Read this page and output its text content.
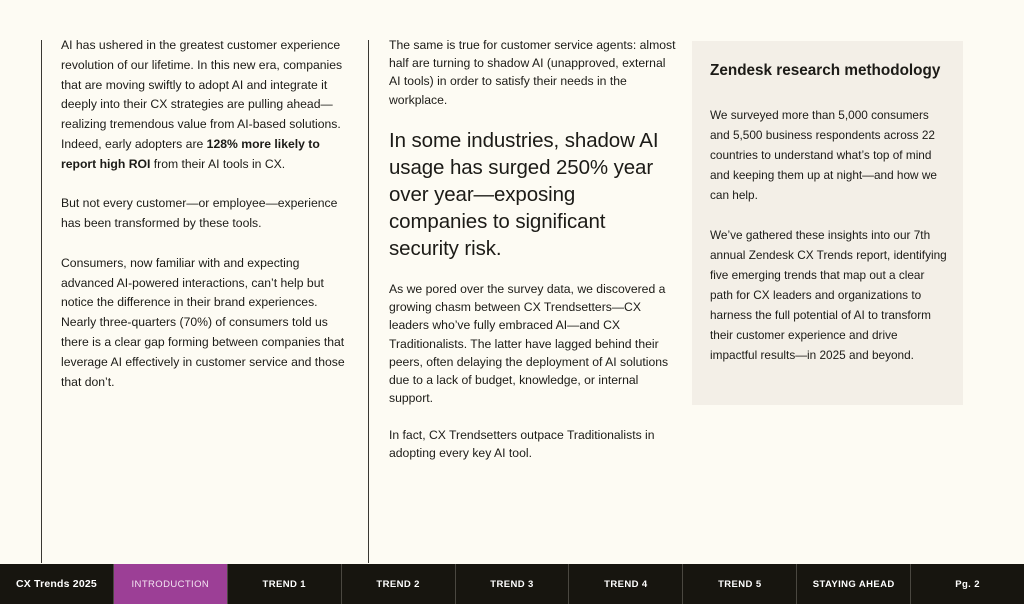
AI has ushered in the greatest customer experience revolution of our lifetime. In this new era, companies that are moving swiftly to adopt AI and integrate it deeply into their CX strategies are pulling ahead—realizing tremendous value from AI-based solutions. Indeed, early adopters are 128% more likely to report high ROI from their AI tools in CX.

But not every customer—or employee—experience has been transformed by these tools.

Consumers, now familiar with and expecting advanced AI-powered interactions, can’t help but notice the difference in their brand experiences. Nearly three-quarters (70%) of consumers told us there is a clear gap forming between companies that leverage AI effectively in customer service and those that don’t.

The same is true for customer service agents: almost half are turning to shadow AI (unapproved, external AI tools) in order to satisfy their needs in the workplace.

In some industries, shadow AI usage has surged 250% year over year—exposing companies to significant security risk.

As we pored over the survey data, we discovered a growing chasm between CX Trendsetters—CX leaders who’ve fully embraced AI—and CX Traditionalists. The latter have lagged behind their peers, often delaying the deployment of AI solutions due to a lack of budget, knowledge, or internal support.

In fact, CX Trendsetters outpace Traditionalists in adopting every key AI tool.

Zendesk research methodology

We surveyed more than 5,000 consumers and 5,500 business respondents across 22 countries to understand what’s top of mind and keeping them up at night—and how we can help.

We’ve gathered these insights into our 7th annual Zendesk CX Trends report, identifying five emerging trends that map out a clear path for CX leaders and organizations to harness the full potential of AI to transform their customer experience and drive impactful results—in 2025 and beyond.

CX Trends 2025	INTRODUCTION	TREND 1	TREND 2	TREND 3	TREND 4	TREND 5	STAYING AHEAD	Pg. 2
